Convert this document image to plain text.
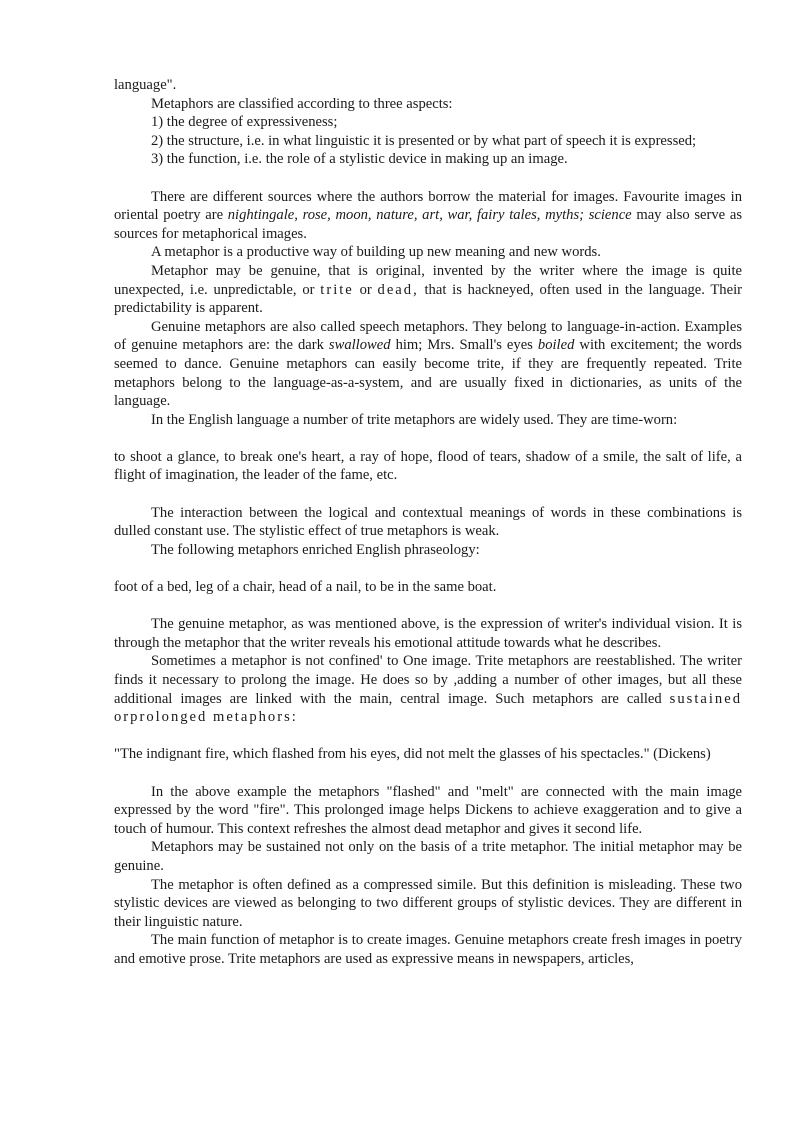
language".

Metaphors are classified according to three aspects:

1) the degree of expressiveness;

2) the structure, i.e. in what linguistic it is presented or by what part of speech it is expressed;

3) the function, i.e. the role of a stylistic device in making up an image.

There are different sources where the authors borrow the material for images. Favourite images in oriental poetry are nightingale, rose, moon, nature, art, war, fairy tales, myths; science may also serve as sources for metaphorical images.

A metaphor is a productive way of building up new meaning and new words.

Metaphor may be genuine, that is original, invented by the writer where the image is quite unexpected, i.e. unpredictable, or trite or dead, that is hackneyed, often used in the language. Their predictability is apparent.

Genuine metaphors are also called speech metaphors. They belong to language-in-action. Examples of genuine metaphors are: the dark swallowed him; Mrs. Small's eyes boiled with excitement; the words seemed to dance. Genuine metaphors can easily become trite, if they are frequently repeated. Trite metaphors belong to the language-as-a-system, and are usually fixed in dictionaries, as units of the language.

In the English language a number of trite metaphors are widely used. They are time-worn:

to shoot a glance, to break one's heart, a ray of hope, flood of tears, shadow of a smile, the salt of life, a flight of imagination, the leader of the fame, etc.

The interaction between the logical and contextual meanings of words in these combinations is dulled constant use. The stylistic effect of true metaphors is weak.

The following metaphors enriched English phraseology:

foot of a bed, leg of a chair, head of a nail, to be in the same boat.

The genuine metaphor, as was mentioned above, is the expression of writer's individual vision. It is through the metaphor that the writer reveals his emotional attitude towards what he describes.

Sometimes a metaphor is not confined' to One image. Trite metaphors are reestablished. The writer finds it necessary to prolong the image. He does so by ,adding a number of other images, but all these additional images are linked with the main, central image. Such metaphors are called sustained orprolonged metaphors:

"The indignant fire, which flashed from his eyes, did not melt the glasses of his spectacles." (Dickens)

In the above example the metaphors "flashed" and "melt" are connected with the main image expressed by the word "fire". This prolonged image helps Dickens to achieve exaggeration and to give a touch of humour. This context refreshes the almost dead metaphor and gives it second life.

Metaphors may be sustained not only on the basis of a trite metaphor. The initial metaphor may be genuine.

The metaphor is often defined as a compressed simile. But this definition is misleading. These two stylistic devices are viewed as belonging to two different groups of stylistic devices. They are different in their linguistic nature.

The main function of metaphor is to create images. Genuine metaphors create fresh images in poetry and emotive prose. Trite metaphors are used as expressive means in newspapers, articles,
